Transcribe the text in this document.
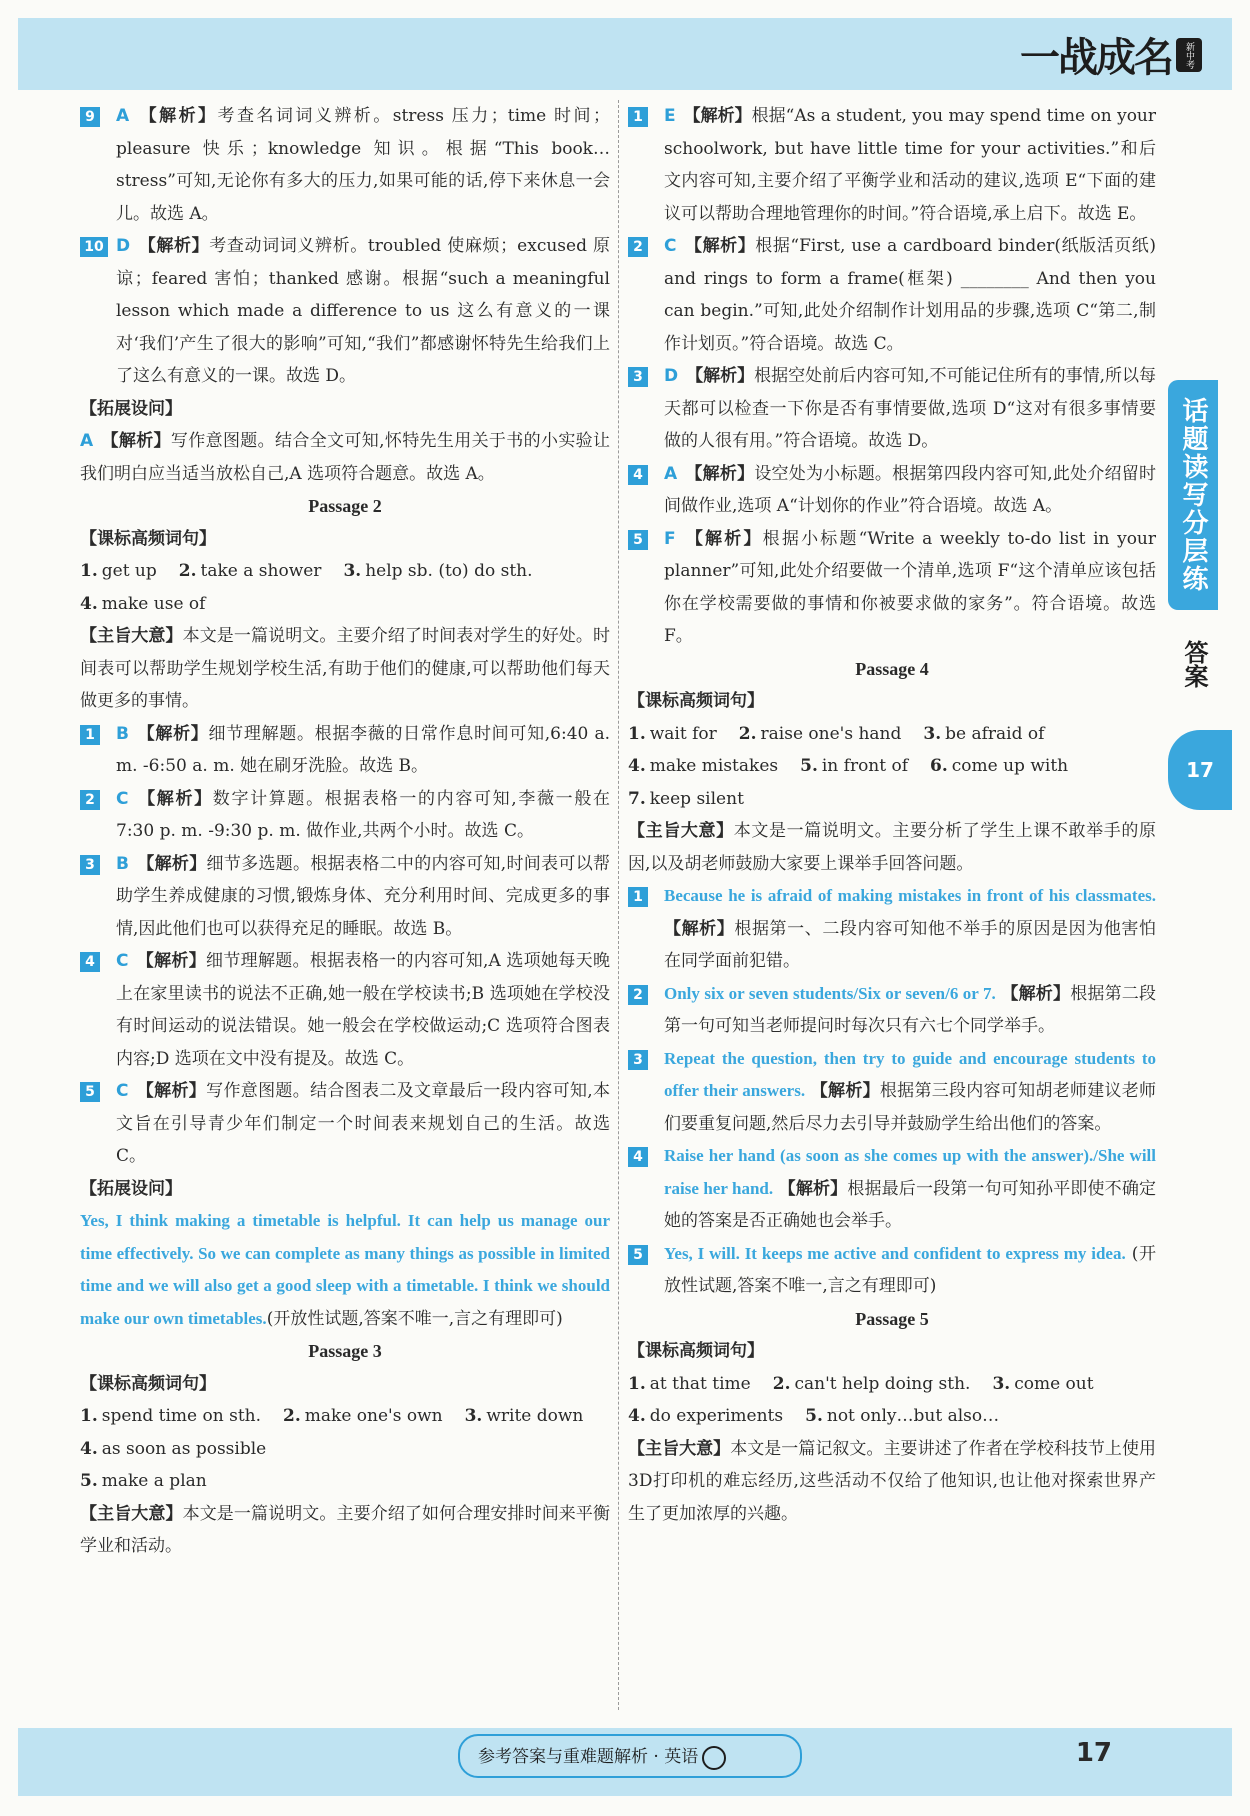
一战成名	新中考
9	A 【解析】考查名词词义辨析。stress 压力；time 时间；pleasure 快乐；knowledge 知识。根据“This book… stress”可知,无论你有多大的压力,如果可能的话,停下来休息一会儿。故选 A。
10 D 【解析】考查动词词义辨析。troubled 使麻烦；excused 原谅；feared 害怕；thanked 感谢。根据“such a meaningful lesson which made a difference to us 这么有意义的一课对‘我们’产生了很大的影响”可知,“我们”都感谢怀特先生给我们上了这么有意义的一课。故选 D。
【拓展设问】
A 【解析】写作意图题。结合全文可知,怀特先生用关于书的小实验让我们明白应当适当放松自己,A 选项符合题意。故选 A。
Passage 2
【课标高频词句】
1. get up 2. take a shower 3. help sb. (to) do sth.
4. make use of
【主旨大意】本文是一篇说明文。主要介绍了时间表对学生的好处。时间表可以帮助学生规划学校生活,有助于他们的健康,可以帮助他们每天做更多的事情。
1	B 【解析】细节理解题。根据李薇的日常作息时间可知,6:40 a. m. -6:50 a. m. 她在刷牙洗脸。故选 B。
2	C 【解析】数字计算题。根据表格一的内容可知,李薇一般在 7:30 p. m. -9:30 p. m. 做作业,共两个小时。故选 C。
3	B 【解析】细节多选题。根据表格二中的内容可知,时间表可以帮助学生养成健康的习惯,锻炼身体、充分利用时间、完成更多的事情,因此他们也可以获得充足的睡眠。故选 B。
4	C 【解析】细节理解题。根据表格一的内容可知,A 选项她每天晚上在家里读书的说法不正确,她一般在学校读书;B 选项她在学校没有时间运动的说法错误。她一般会在学校做运动;C 选项符合图表内容;D 选项在文中没有提及。故选 C。
5	C 【解析】写作意图题。结合图表二及文章最后一段内容可知,本文旨在引导青少年们制定一个时间表来规划自己的生活。故选 C。
【拓展设问】
Yes, I think making a timetable is helpful. It can help us manage our time effectively. So we can complete as many things as possible in limited time and we will also get a good sleep with a timetable. I think we should make our own timetables.(开放性试题,答案不唯一,言之有理即可)
Passage 3
【课标高频词句】
1. spend time on sth. 2. make one's own 3. write down
4. as soon as possible
5. make a plan
【主旨大意】本文是一篇说明文。主要介绍了如何合理安排时间来平衡学业和活动。
1	E 【解析】根据“As a student, you may spend time on your schoolwork, but have little time for your activities.”和后文内容可知,主要介绍了平衡学业和活动的建议,选项 E“下面的建议可以帮助合理地管理你的时间。”符合语境,承上启下。故选 E。
2	C 【解析】根据“First, use a cardboard binder(纸版活页纸) and rings to form a frame(框架) ________ And then you can begin.”可知,此处介绍制作计划用品的步骤,选项 C“第二,制作计划页。”符合语境。故选 C。
3	D 【解析】根据空处前后内容可知,不可能记住所有的事情,所以每天都可以检查一下你是否有事情要做,选项 D“这对有很多事情要做的人很有用。”符合语境。故选 D。
4	A 【解析】设空处为小标题。根据第四段内容可知,此处介绍留时间做作业,选项 A“计划你的作业”符合语境。故选 A。
5	F 【解析】根据小标题“Write a weekly to-do list in your planner”可知,此处介绍要做一个清单,选项 F“这个清单应该包括你在学校需要做的事情和你被要求做的家务”。符合语境。故选 F。
Passage 4
【课标高频词句】
1. wait for 2. raise one's hand 3. be afraid of
4. make mistakes 5. in front of 6. come up with
7. keep silent
【主旨大意】本文是一篇说明文。主要分析了学生上课不敢举手的原因,以及胡老师鼓励大家要上课举手回答问题。
1	Because he is afraid of making mistakes in front of his classmates. 【解析】根据第一、二段内容可知他不举手的原因是因为他害怕在同学面前犯错。
2	Only six or seven students/Six or seven/6 or 7. 【解析】根据第二段第一句可知当老师提问时每次只有六七个同学举手。
3	Repeat the question, then try to guide and encourage students to offer their answers. 【解析】根据第三段内容可知胡老师建议老师们要重复问题,然后尽力去引导并鼓励学生给出他们的答案。
4	Raise her hand (as soon as she comes up with the answer)./She will raise her hand. 【解析】根据最后一段第一句可知孙平即使不确定她的答案是否正确她也会举手。
5	Yes, I will. It keeps me active and confident to express my idea. (开放性试题,答案不唯一,言之有理即可)
Passage 5
【课标高频词句】
1. at that time 2. can't help doing sth. 3. come out
4. do experiments 5. not only…but also…
【主旨大意】本文是一篇记叙文。主要讲述了作者在学校科技节上使用3D打印机的难忘经历,这些活动不仅给了他知识,也让他对探索世界产生了更加浓厚的兴趣。
话题读写分层练
答案
17
参考答案与重难题解析 · 英语	17
